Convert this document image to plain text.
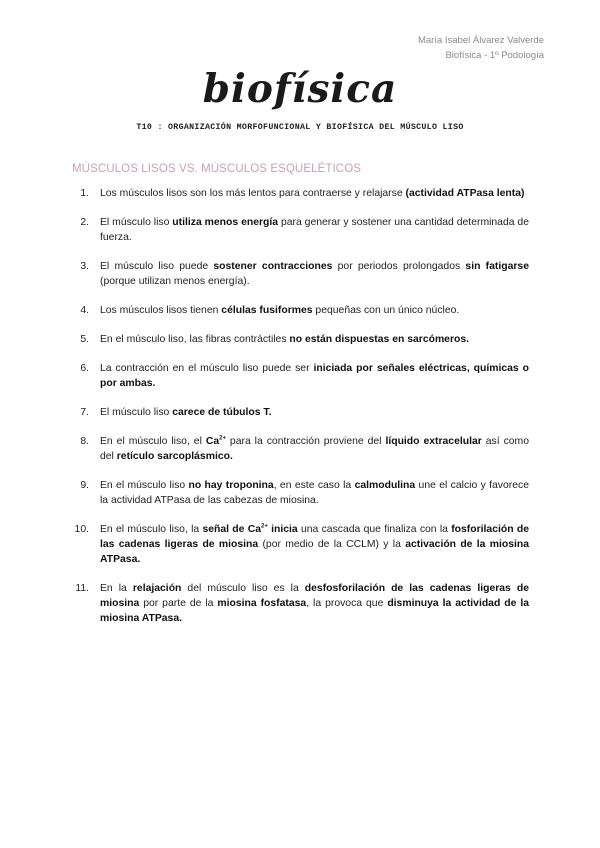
María Isabel Álvarez Valverde
Biofísica - 1º Podología
biofísica
T10 : ORGANIZACIÓN MORFOFUNCIONAL Y BIOFÍSICA DEL MÚSCULO LISO
MÚSCULOS LISOS VS. MÚSCULOS ESQUELÉTICOS
1.	Los músculos lisos son los más lentos para contraerse y relajarse (actividad ATPasa lenta)
2.	El músculo liso utiliza menos energía para generar y sostener una cantidad determinada de fuerza.
3.	El músculo liso puede sostener contracciones por periodos prolongados sin fatigarse (porque utilizan menos energía).
4.	Los músculos lisos tienen células fusiformes pequeñas con un único núcleo.
5.	En el músculo liso, las fibras contráctiles no están dispuestas en sarcómeros.
6.	La contracción en el músculo liso puede ser iniciada por señales eléctricas, químicas o por ambas.
7.	El músculo liso carece de túbulos T.
8.	En el músculo liso, el $Ca^{2+}$ para la contracción proviene del líquido extracelular así como del retículo sarcoplásmico.
9.	En el músculo liso no hay troponina, en este caso la calmodulina une el calcio y favorece la actividad ATPasa de las cabezas de miosina.
10.	En el músculo liso, la señal de $Ca^{2+}$ inicia una cascada que finaliza con la fosforilación de las cadenas ligeras de miosina (por medio de la CCLM) y la activación de la miosina ATPasa.
11.	En la relajación del músculo liso es la desfosforilación de las cadenas ligeras de miosina por parte de la miosina fosfatasa, la provoca que disminuya la actividad de la miosina ATPasa.
